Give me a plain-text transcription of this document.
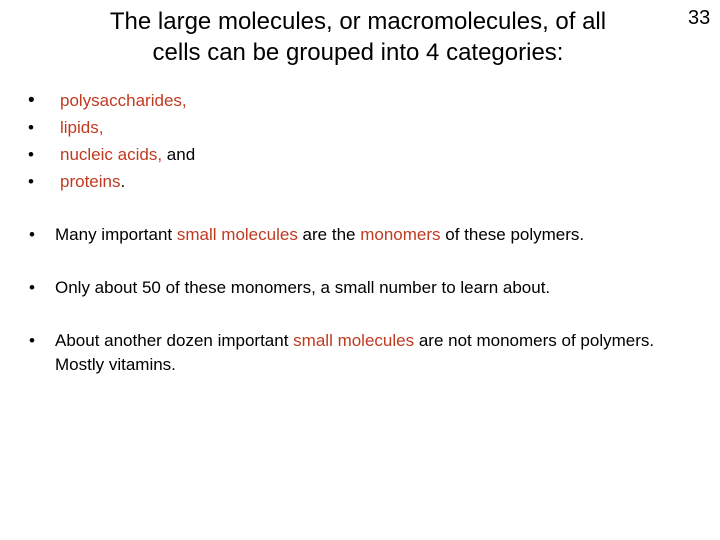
33
The large molecules, or macromolecules, of all
cells can be grouped into 4 categories:
• polysaccharides,
• lipids,
• nucleic acids, and
• proteins.
• Many important small molecules are the monomers of these polymers.
• Only about 50 of these monomers, a small number to learn about.
• About another dozen important small molecules are not monomers of polymers. Mostly vitamins.
